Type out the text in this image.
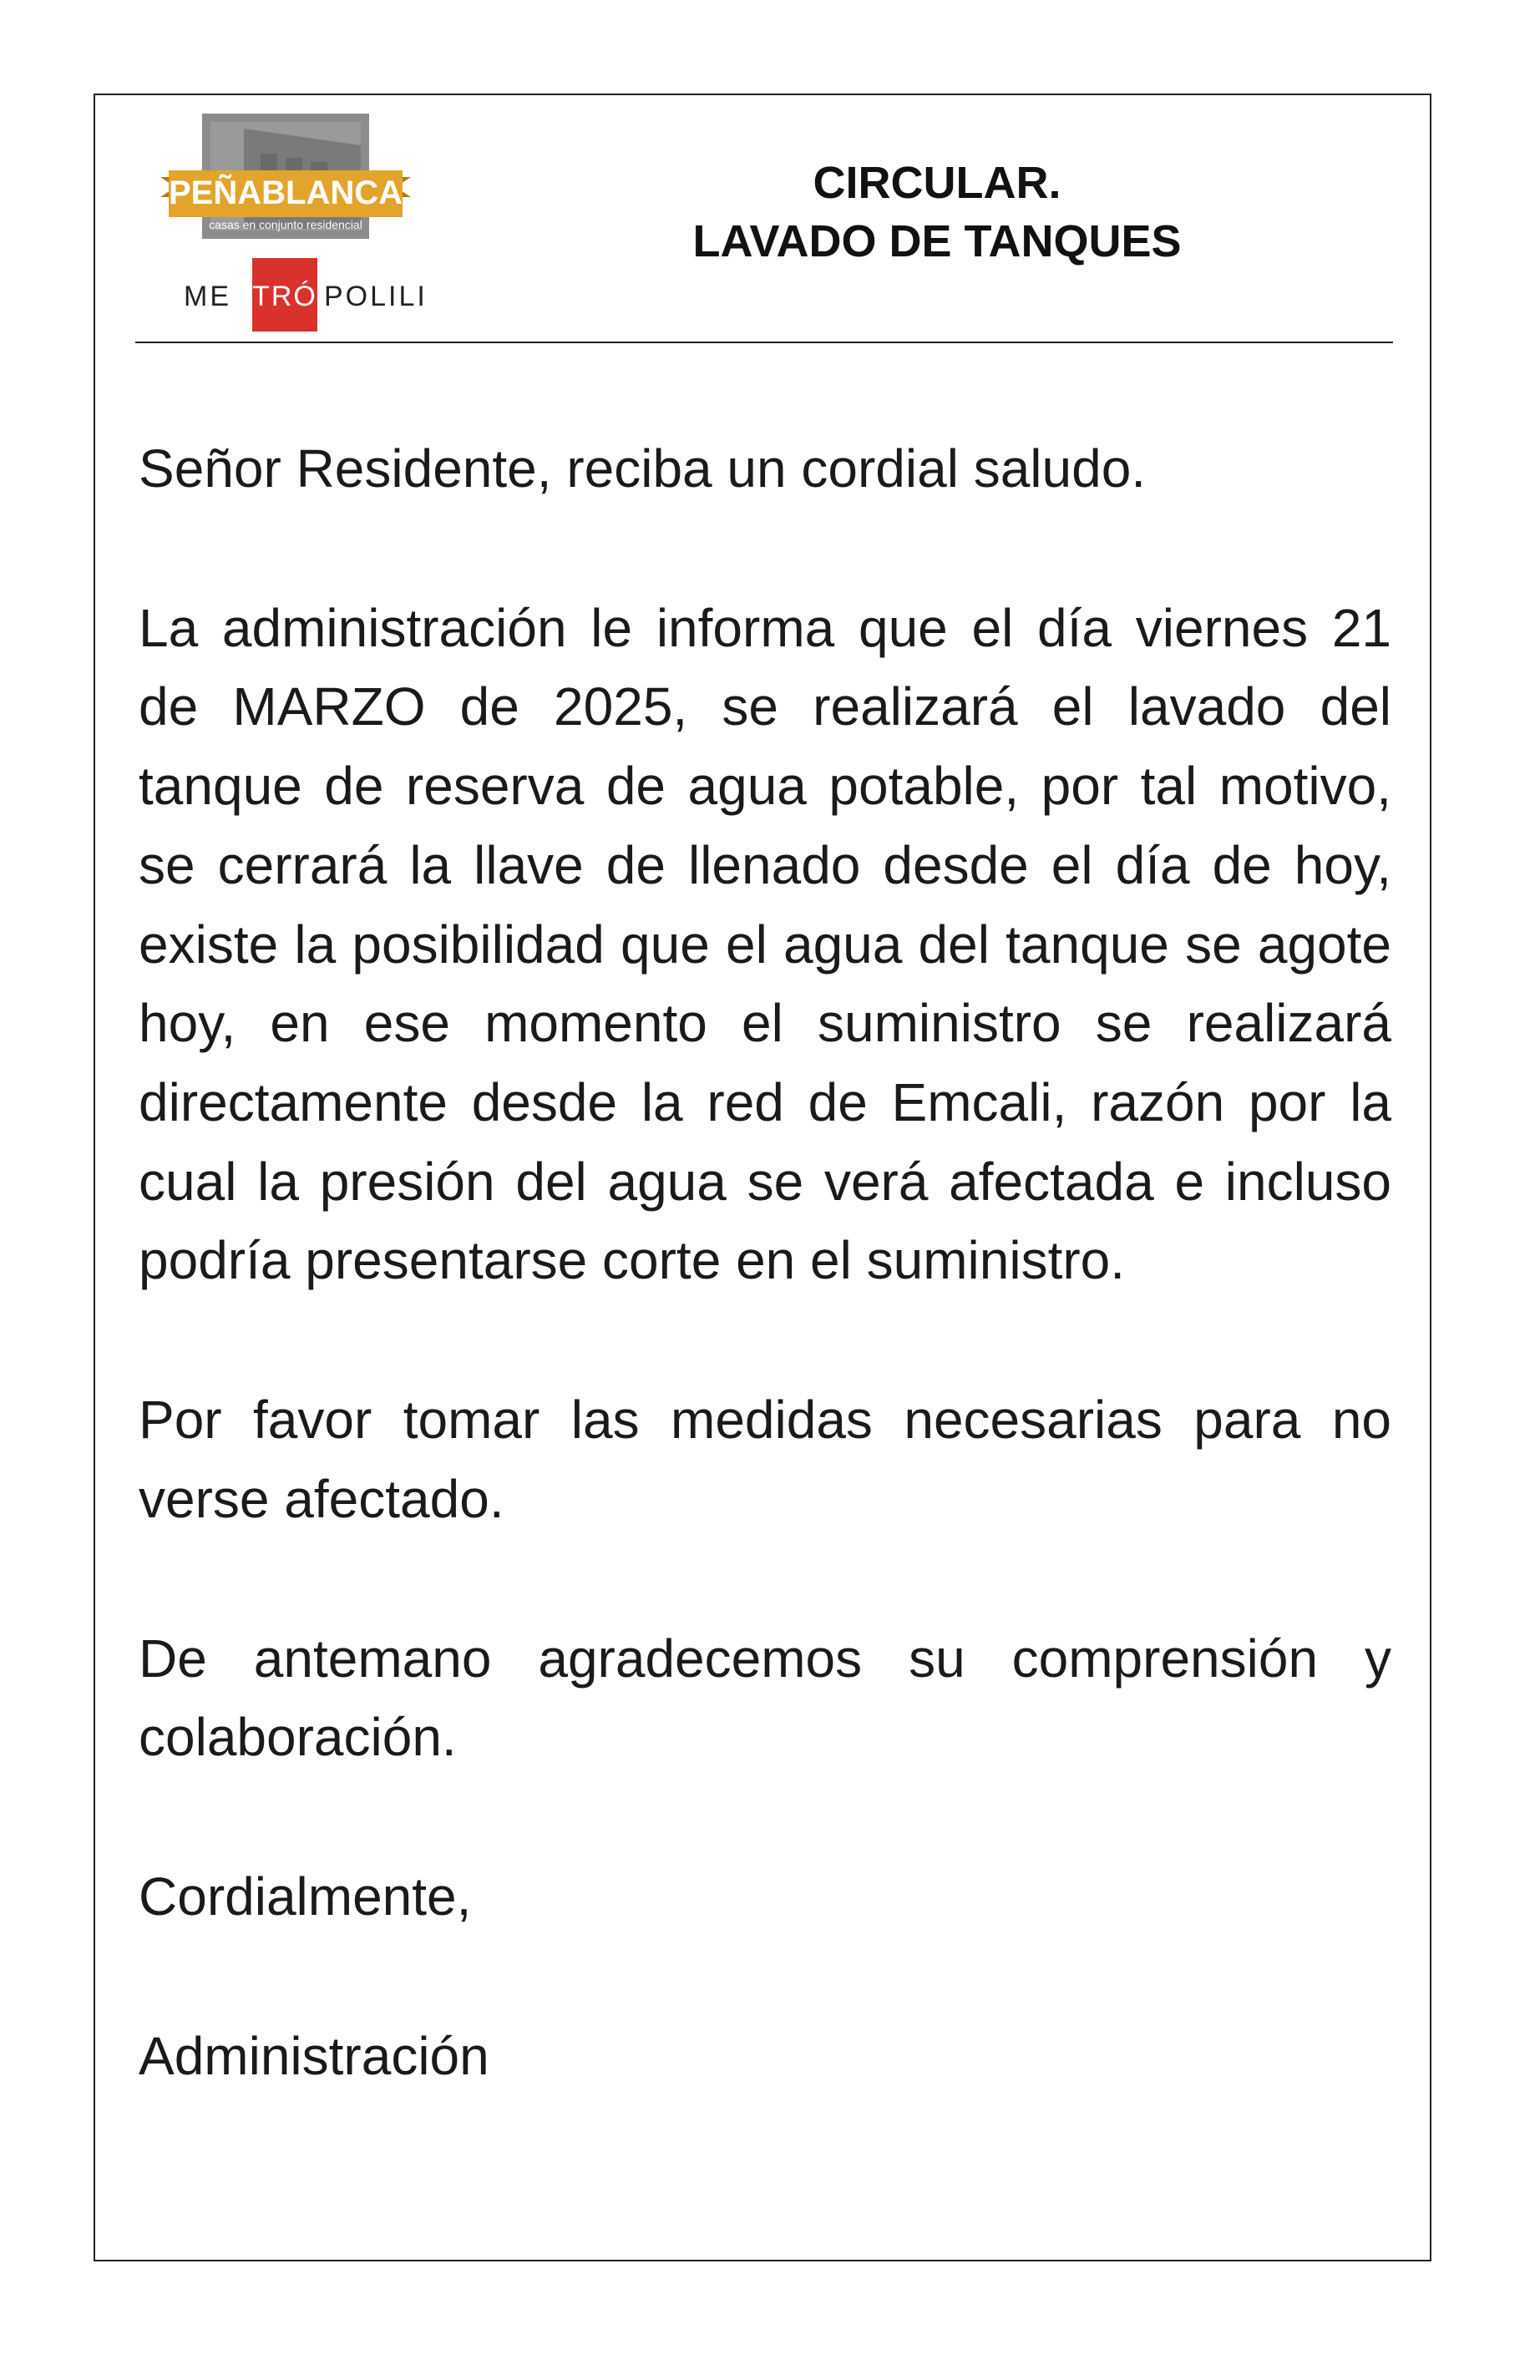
PEÑABLANCA
casas en conjunto residencial
ME TRÓ POLILI
CIRCULAR.
LAVADO DE TANQUES

Señor Residente, reciba un cordial saludo.

La administración le informa que el día viernes 21 de MARZO de 2025, se realizará el lavado del tanque de reserva de agua potable, por tal motivo, se cerrará la llave de llenado desde el día de hoy, existe la posibilidad que el agua del tanque se agote hoy, en ese momento el suministro se realizará directamente desde la red de Emcali, razón por la cual la presión del agua se verá afectada e incluso podría presentarse corte en el suministro.

Por favor tomar las medidas necesarias para no verse afectado.

De antemano agradecemos su comprensión y colaboración.

Cordialmente,

Administración
